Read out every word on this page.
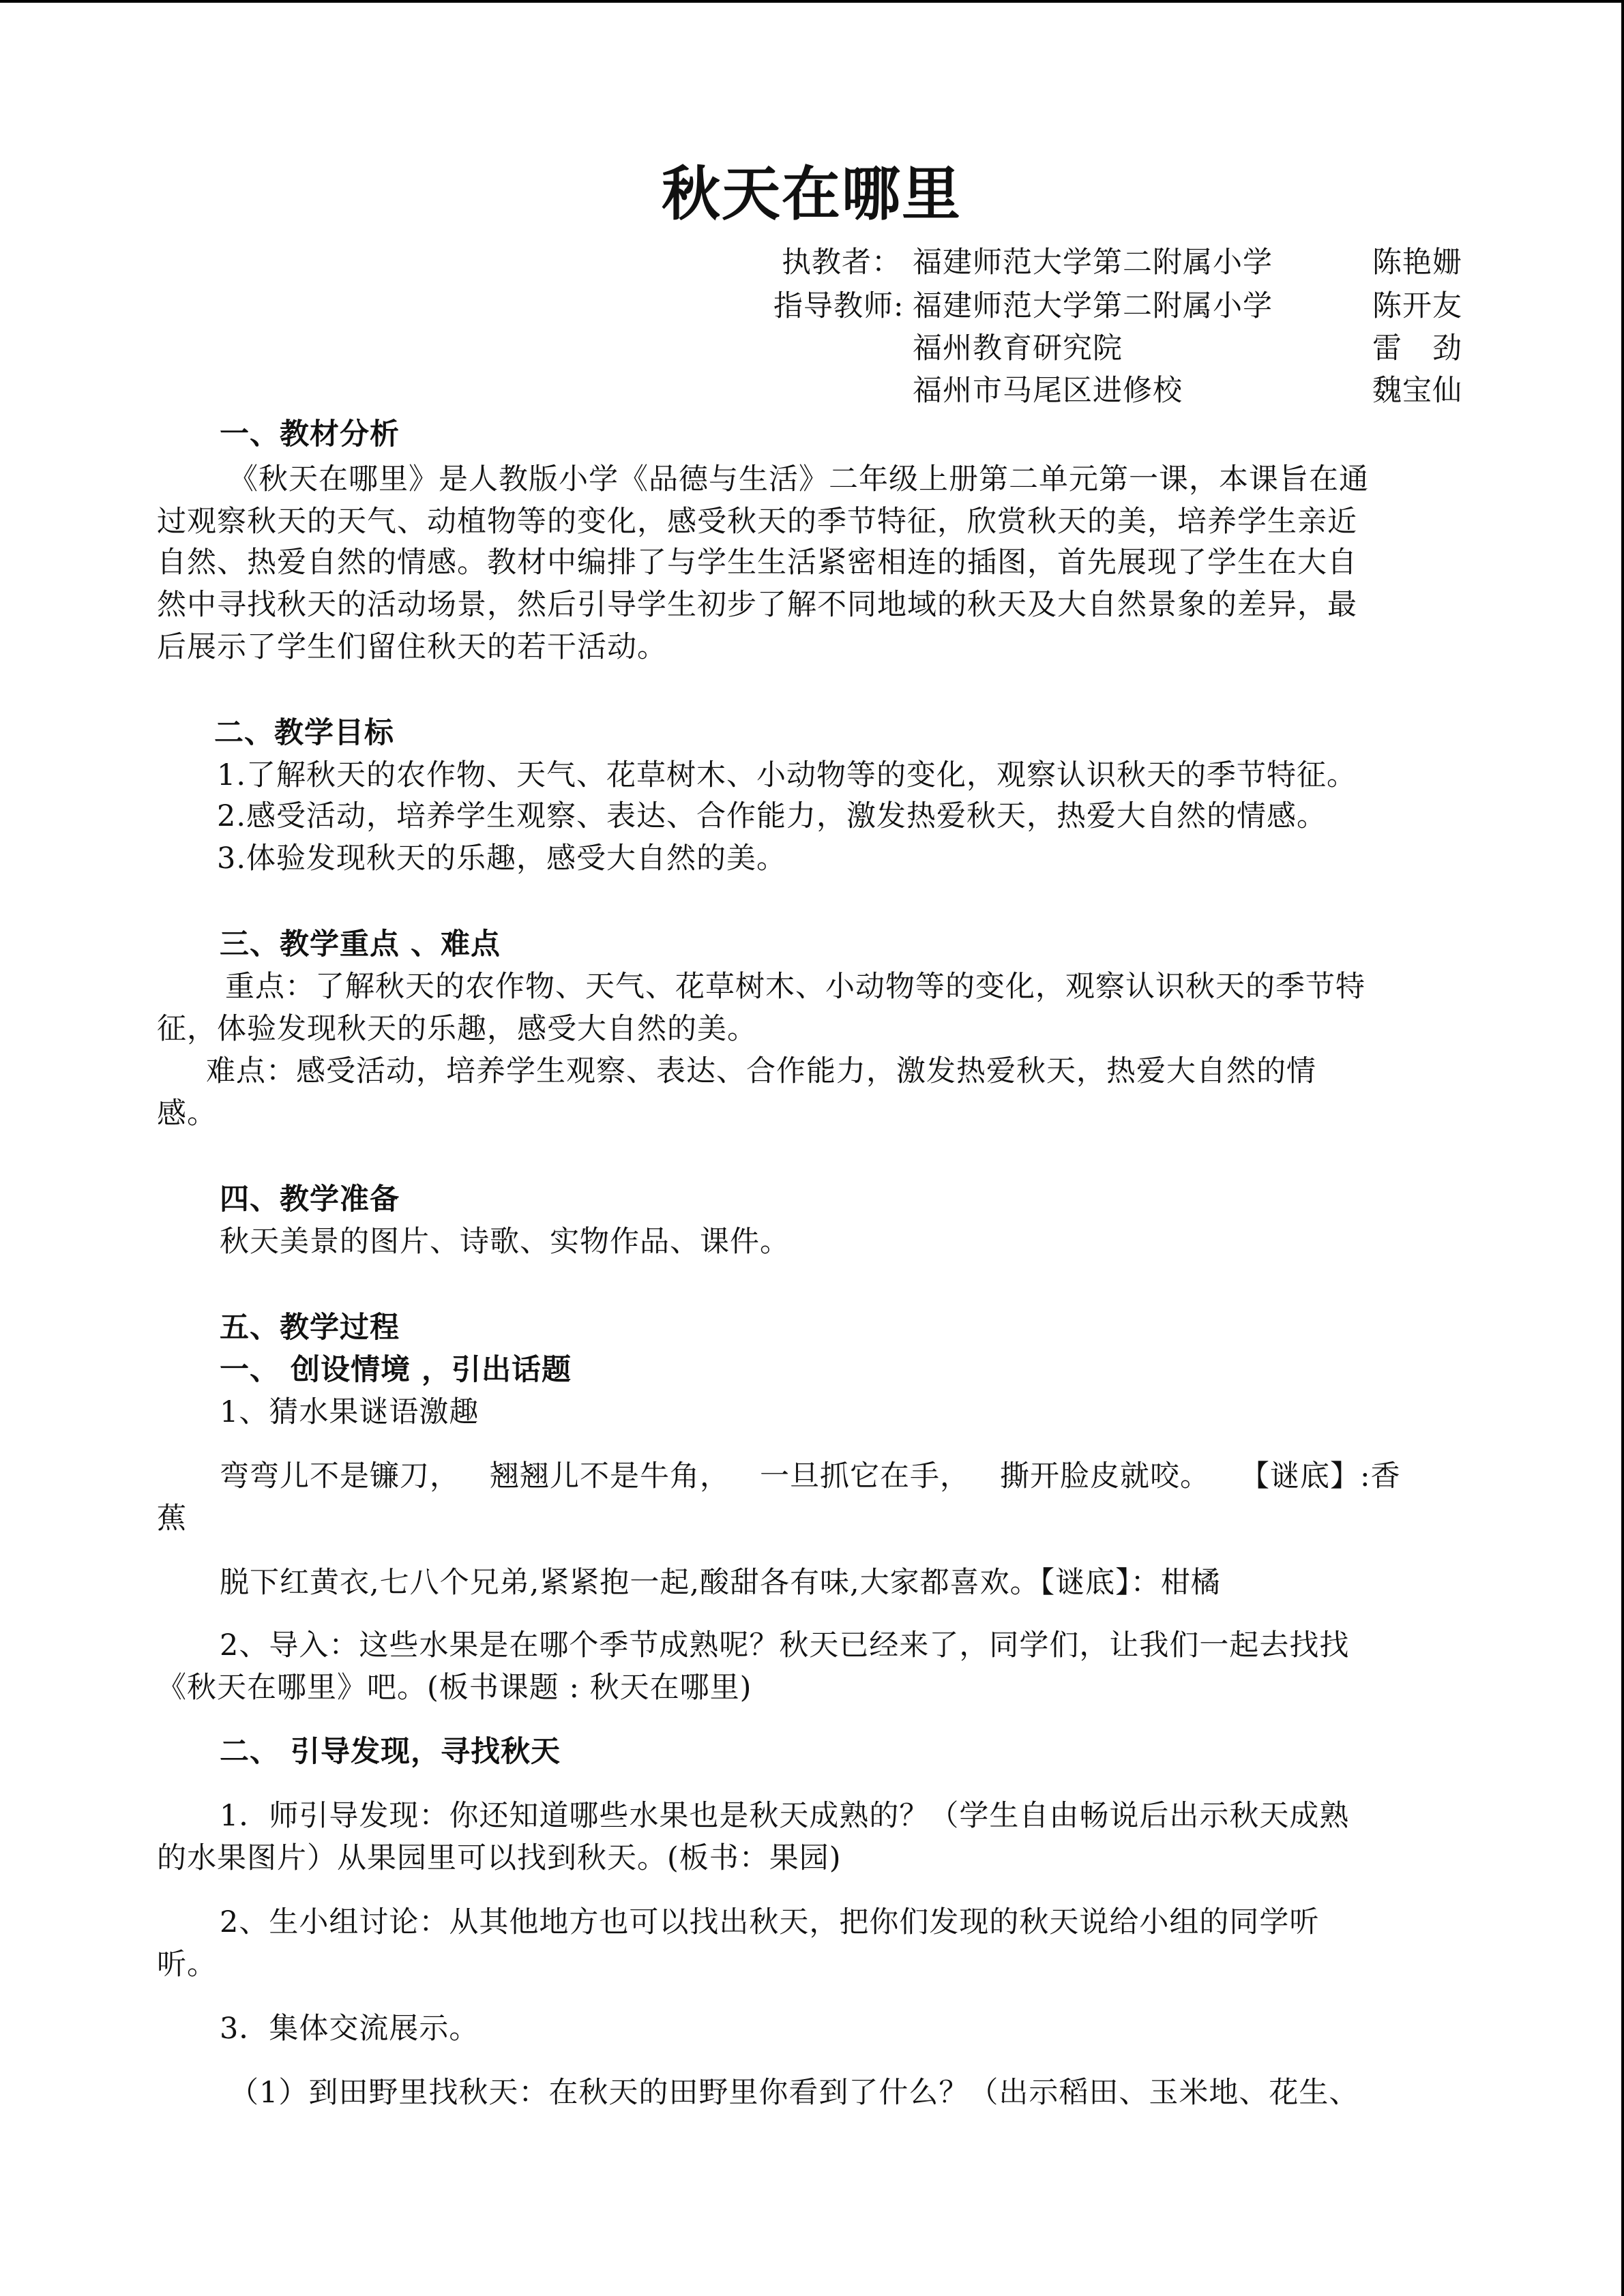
秋天在哪里
执教者： 福建师范大学第二附属小学	陈艳姗
指导教师: 福建师范大学第二附属小学	陈开友
福州教育研究院	雷　劲
福州市马尾区进修校	魏宝仙
一、教材分析
《秋天在哪里》是人教版小学《品德与生活》二年级上册第二单元第一课，本课旨在通
过观察秋天的天气、动植物等的变化，感受秋天的季节特征，欣赏秋天的美，培养学生亲近
自然、热爱自然的情感。教材中编排了与学生生活紧密相连的插图，首先展现了学生在大自
然中寻找秋天的活动场景，然后引导学生初步了解不同地域的秋天及大自然景象的差异，最
后展示了学生们留住秋天的若干活动。
二、教学目标
1.了解秋天的农作物、天气、花草树木、小动物等的变化，观察认识秋天的季节特征。
2.感受活动，培养学生观察、表达、合作能力，激发热爱秋天，热爱大自然的情感。
3.体验发现秋天的乐趣，感受大自然的美。
三、教学重点 、难点
重点：了解秋天的农作物、天气、花草树木、小动物等的变化，观察认识秋天的季节特
征，体验发现秋天的乐趣，感受大自然的美。
难点：感受活动，培养学生观察、表达、合作能力，激发热爱秋天，热爱大自然的情
感。
四、教学准备
秋天美景的图片、诗歌、实物作品、课件。
五、教学过程
一、 创设情境 ，引出话题
1、猜水果谜语激趣
弯弯儿不是镰刀， 翘翘儿不是牛角， 一旦抓它在手， 撕开脸皮就咬。 【谜底】:香
蕉
脱下红黄衣,七八个兄弟,紧紧抱一起,酸甜各有味,大家都喜欢。【谜底】：柑橘
2、导入：这些水果是在哪个季节成熟呢？秋天已经来了，同学们，让我们一起去找找
《秋天在哪里》吧。(板书课题 : 秋天在哪里)
二、 引导发现，寻找秋天
1．师引导发现：你还知道哪些水果也是秋天成熟的？（学生自由畅说后出示秋天成熟
的水果图片）从果园里可以找到秋天。(板书：果园)
2、生小组讨论：从其他地方也可以找出秋天，把你们发现的秋天说给小组的同学听
听。
3．集体交流展示。
（1）到田野里找秋天：在秋天的田野里你看到了什么？（出示稻田、玉米地、花生、
